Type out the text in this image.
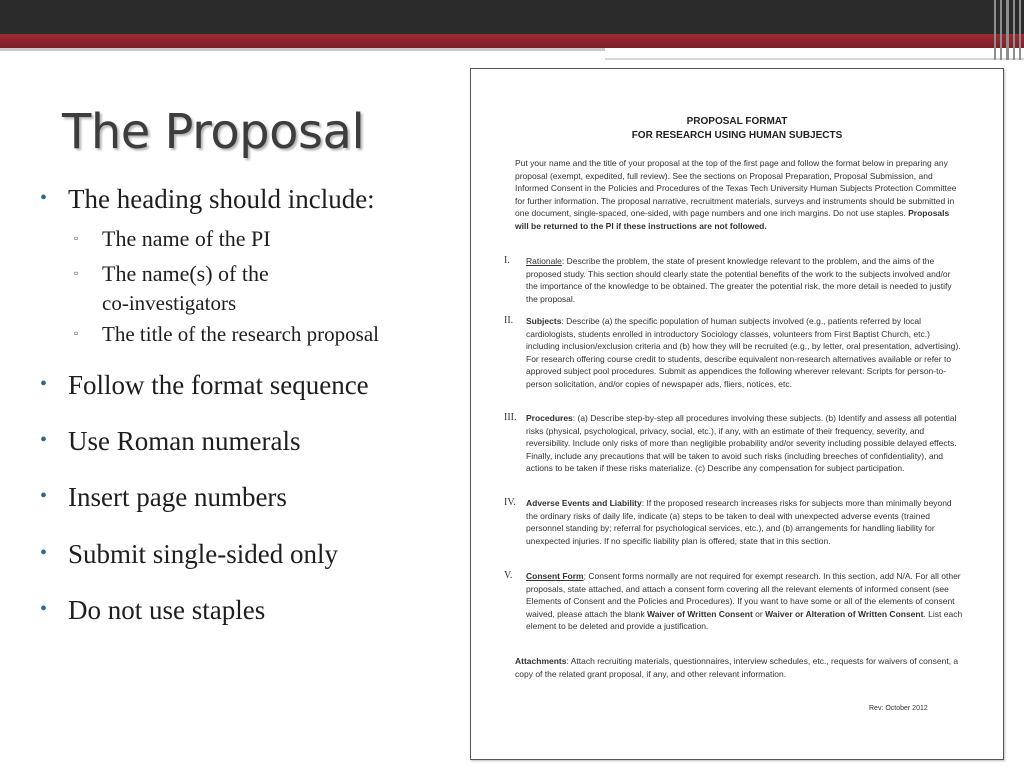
The Proposal
• The heading should include:
▫ The name of the PI
▫ The name(s) of the
co-investigators
▫ The title of the research proposal
• Follow the format sequence
• Use Roman numerals
• Insert page numbers
• Submit single-sided only
• Do not use staples
PROPOSAL FORMAT
FOR RESEARCH USING HUMAN SUBJECTS
Put your name and the title of your proposal at the top of the first page and follow the format below in preparing any proposal (exempt, expedited, full review). See the sections on Proposal Preparation, Proposal Submission, and Informed Consent in the Policies and Procedures of the Texas Tech University Human Subjects Protection Committee for further information. The proposal narrative, recruitment materials, surveys and instruments should be submitted in one document, single-spaced, one-sided, with page numbers and one inch margins. Do not use staples. Proposals will be returned to the PI if these instructions are not followed.
I. Rationale: Describe the problem, the state of present knowledge relevant to the problem, and the aims of the proposed study. This section should clearly state the potential benefits of the work to the subjects involved and/or the importance of the knowledge to be obtained. The greater the potential risk, the more detail is needed to justify the proposal.
II. Subjects: Describe (a) the specific population of human subjects involved (e.g., patients referred by local cardiologists, students enrolled in introductory Sociology classes, volunteers from First Baptist Church, etc.) including inclusion/exclusion criteria and (b) how they will be recruited (e.g., by letter, oral presentation, advertising). For research offering course credit to students, describe equivalent non-research alternatives available or refer to approved subject pool procedures. Submit as appendices the following wherever relevant: Scripts for person-to-person solicitation, and/or copies of newspaper ads, fliers, notices, etc.
III. Procedures: (a) Describe step-by-step all procedures involving these subjects. (b) Identify and assess all potential risks (physical, psychological, privacy, social, etc.), if any, with an estimate of their frequency, severity, and reversibility. Include only risks of more than negligible probability and/or severity including possible delayed effects. Finally, include any precautions that will be taken to avoid such risks (including breeches of confidentiality), and actions to be taken if these risks materialize. (c) Describe any compensation for subject participation.
IV. Adverse Events and Liability: If the proposed research increases risks for subjects more than minimally beyond the ordinary risks of daily life, indicate (a) steps to be taken to deal with unexpected adverse events (trained personnel standing by; referral for psychological services, etc.), and (b) arrangements for handling liability for unexpected injuries. If no specific liability plan is offered, state that in this section.
V. Consent Form; Consent forms normally are not required for exempt research. In this section, add N/A. For all other proposals, state attached, and attach a consent form covering all the relevant elements of informed consent (see Elements of Consent and the Policies and Procedures). If you want to have some or all of the elements of consent waived, please attach the blank Waiver of Written Consent or Waiver or Alteration of Written Consent. List each element to be deleted and provide a justification.
Attachments: Attach recruiting materials, questionnaires, interview schedules, etc., requests for waivers of consent, a copy of the related grant proposal, if any, and other relevant information.
Rev: October 2012
